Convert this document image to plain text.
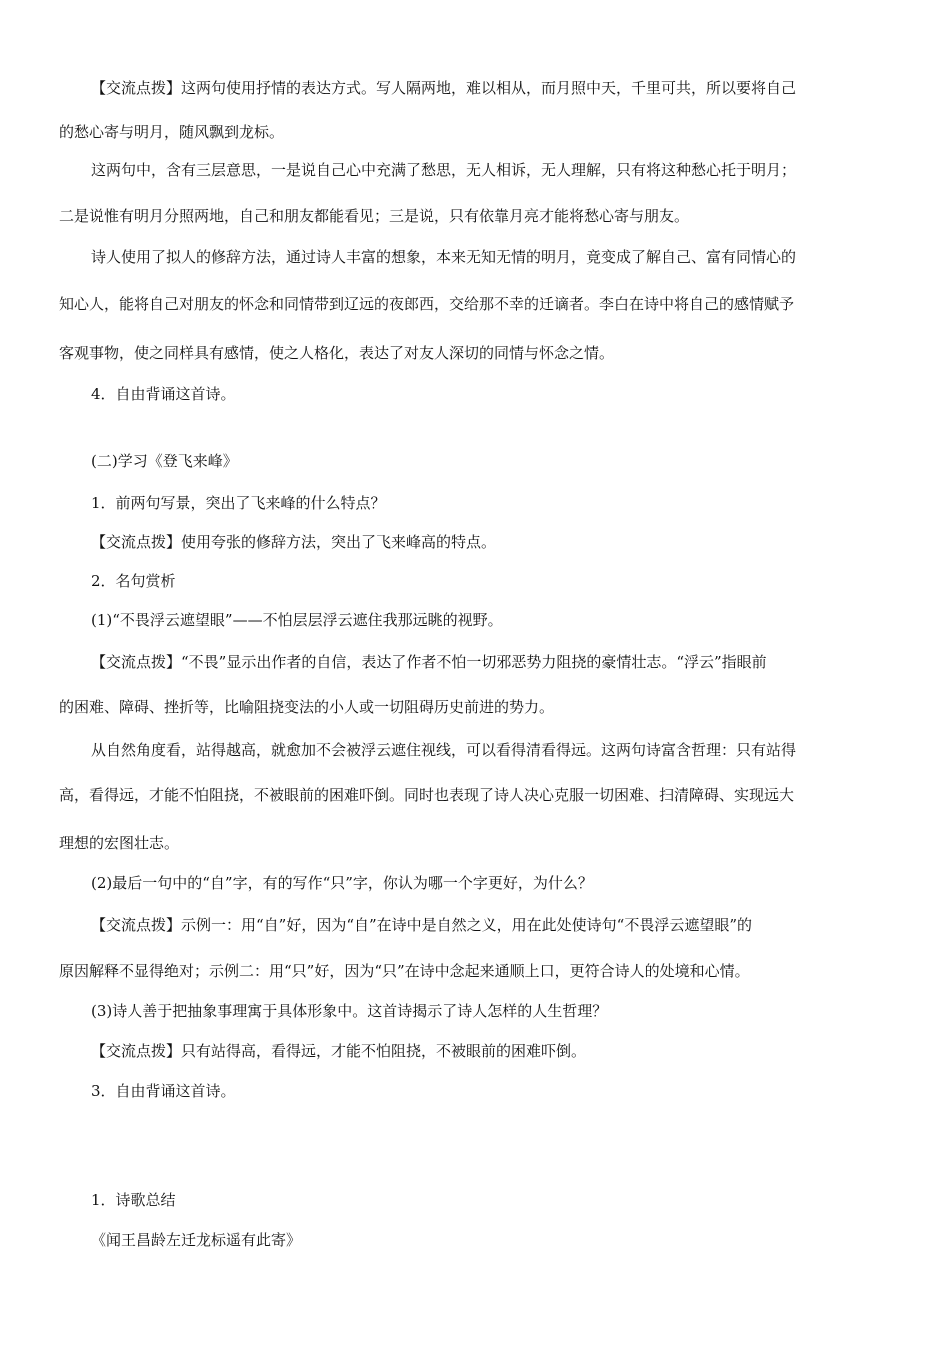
【交流点拨】这两句使用抒情的表达方式。写人隔两地，难以相从，而月照中天，千里可共，所以要将自己
的愁心寄与明月，随风飘到龙标。
这两句中，含有三层意思，一是说自己心中充满了愁思，无人相诉，无人理解，只有将这种愁心托于明月；
二是说惟有明月分照两地，自己和朋友都能看见；三是说，只有依靠月亮才能将愁心寄与朋友。
诗人使用了拟人的修辞方法，通过诗人丰富的想象，本来无知无情的明月，竟变成了解自己、富有同情心的
知心人，能将自己对朋友的怀念和同情带到辽远的夜郎西，交给那不幸的迁谪者。李白在诗中将自己的感情赋予
客观事物，使之同样具有感情，使之人格化，表达了对友人深切的同情与怀念之情。
4．自由背诵这首诗。
(二)学习《登飞来峰》
1．前两句写景，突出了飞来峰的什么特点？
【交流点拨】使用夸张的修辞方法，突出了飞来峰高的特点。
2．名句赏析
(1)“不畏浮云遮望眼”——不怕层层浮云遮住我那远眺的视野。
【交流点拨】“不畏”显示出作者的自信，表达了作者不怕一切邪恶势力阻挠的豪情壮志。“浮云”指眼前
的困难、障碍、挫折等，比喻阻挠变法的小人或一切阻碍历史前进的势力。
从自然角度看，站得越高，就愈加不会被浮云遮住视线，可以看得清看得远。这两句诗富含哲理：只有站得
高，看得远，才能不怕阻挠，不被眼前的困难吓倒。同时也表现了诗人决心克服一切困难、扫清障碍、实现远大
理想的宏图壮志。
(2)最后一句中的“自”字，有的写作“只”字，你认为哪一个字更好，为什么？
【交流点拨】示例一：用“自”好，因为“自”在诗中是自然之义，用在此处使诗句“不畏浮云遮望眼”的
原因解释不显得绝对；示例二：用“只”好，因为“只”在诗中念起来通顺上口，更符合诗人的处境和心情。
(3)诗人善于把抽象事理寓于具体形象中。这首诗揭示了诗人怎样的人生哲理？
【交流点拨】只有站得高，看得远，才能不怕阻挠，不被眼前的困难吓倒。
3．自由背诵这首诗。
1．诗歌总结
《闻王昌龄左迁龙标遥有此寄》
